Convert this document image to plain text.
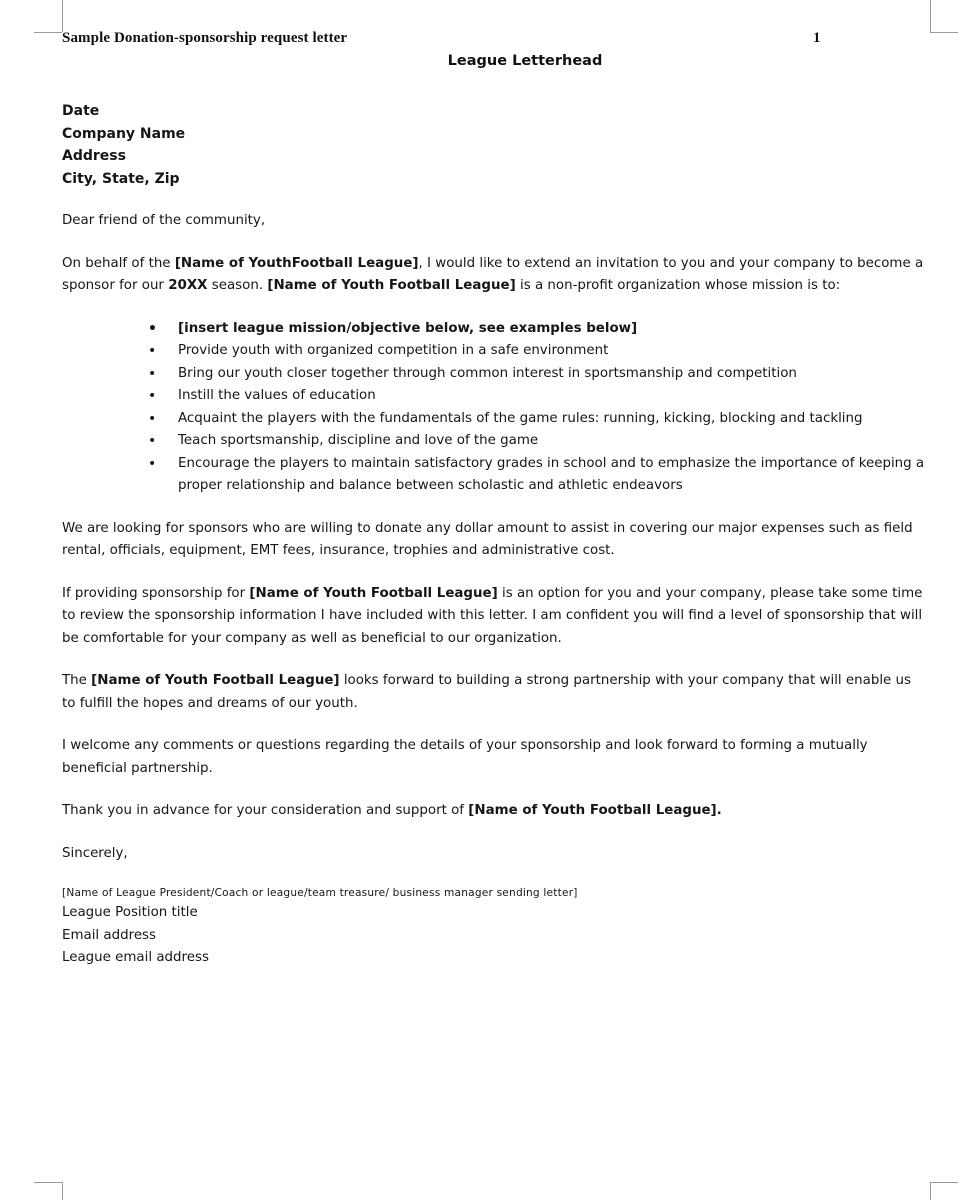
Sample Donation-sponsorship request letter	1
League Letterhead

Date

Company Name

Address

City, State, Zip

Dear friend of the community,

On behalf of the [Name of YouthFootball League], I would like to extend an invitation to you and your company to become a sponsor for our 20XX season. [Name of Youth Football League] is a non-profit organization whose mission is to:

• [insert league mission/objective below, see examples below]
• Provide youth with organized competition in a safe environment
• Bring our youth closer together through common interest in sportsmanship and competition
• Instill the values of education
• Acquaint the players with the fundamentals of the game rules: running, kicking, blocking and tackling
• Teach sportsmanship, discipline and love of the game
• Encourage the players to maintain satisfactory grades in school and to emphasize the importance of keeping a proper relationship and balance between scholastic and athletic endeavors

We are looking for sponsors who are willing to donate any dollar amount to assist in covering our major expenses such as field rental, officials, equipment, EMT fees, insurance, trophies and administrative cost.

If providing sponsorship for [Name of Youth Football League] is an option for you and your company, please take some time to review the sponsorship information I have included with this letter. I am confident you will find a level of sponsorship that will be comfortable for your company as well as beneficial to our organization.

The [Name of Youth Football League] looks forward to building a strong partnership with your company that will enable us to fulfill the hopes and dreams of our youth.

I welcome any comments or questions regarding the details of your sponsorship and look forward to forming a mutually beneficial partnership.

Thank you in advance for your consideration and support of [Name of Youth Football League].

Sincerely,

[Name of League President/Coach or league/team treasure/ business manager sending letter]

League Position title

Email address

League email address
